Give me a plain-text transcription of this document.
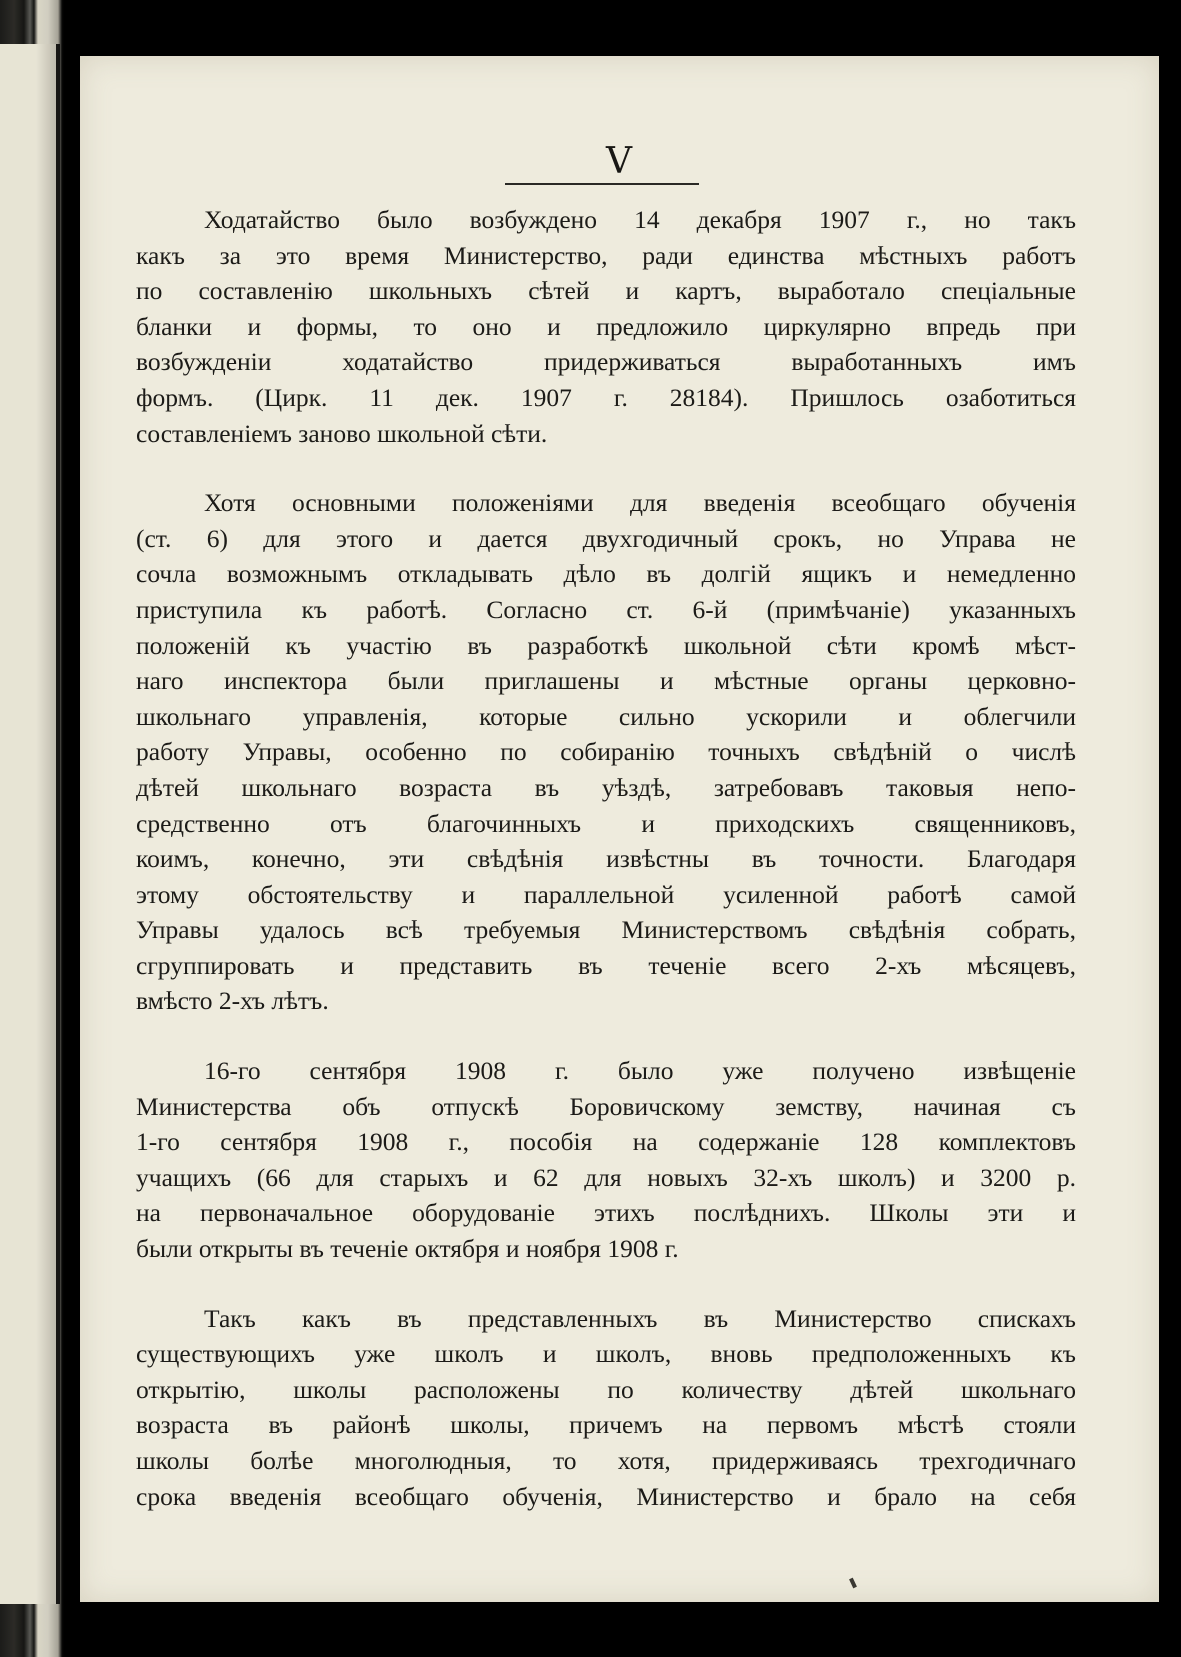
V
Ходатайство было возбуждено 14 декабря 1907 г., но такъ
какъ за это время Министерство, ради единства мѣстныхъ работъ
по составленію школьныхъ сѣтей и картъ, выработало спеціальные
бланки и формы, то оно и предложило циркулярно впредь при
возбужденіи ходатайство придерживаться выработанныхъ имъ
формъ. (Цирк. 11 дек. 1907 г. 28184). Пришлось озаботиться
составленіемъ заново школьной сѣти.
Хотя основными положеніями для введенія всеобщаго обученія
(ст. 6) для этого и дается двухгодичный срокъ, но Управа не
сочла возможнымъ откладывать дѣло въ долгій ящикъ и немедленно
приступила къ работѣ. Согласно ст. 6-й (примѣчаніе) указанныхъ
положеній къ участію въ разработкѣ школьной сѣти кромѣ мѣст-
наго инспектора были приглашены и мѣстные органы церковно-
школьнаго управленія, которые сильно ускорили и облегчили
работу Управы, особенно по собиранію точныхъ свѣдѣній о числѣ
дѣтей школьнаго возраста въ уѣздѣ, затребовавъ таковыя непо-
средственно отъ благочинныхъ и приходскихъ священниковъ,
коимъ, конечно, эти свѣдѣнія извѣстны въ точности. Благодаря
этому обстоятельству и параллельной усиленной работѣ самой
Управы удалось всѣ требуемыя Министерствомъ свѣдѣнія собрать,
сгруппировать и представить въ теченіе всего 2-хъ мѣсяцевъ,
вмѣсто 2-хъ лѣтъ.
16-го сентября 1908 г. было уже получено извѣщеніе
Министерства объ отпускѣ Боровичскому земству, начиная съ
1-го сентября 1908 г., пособія на содержаніе 128 комплектовъ
учащихъ (66 для старыхъ и 62 для новыхъ 32-хъ школъ) и 3200 р.
на первоначальное оборудованіе этихъ послѣднихъ. Школы эти и
были открыты въ теченіе октября и ноября 1908 г.
Такъ какъ въ представленныхъ въ Министерство спискахъ
существующихъ уже школъ и школъ, вновь предположенныхъ къ
открытію, школы расположены по количеству дѣтей школьнаго
возраста въ районѣ школы, причемъ на первомъ мѣстѣ стояли
школы болѣе многолюдныя, то хотя, придерживаясь трехгодичнаго
срока введенія всеобщаго обученія, Министерство и брало на себя
